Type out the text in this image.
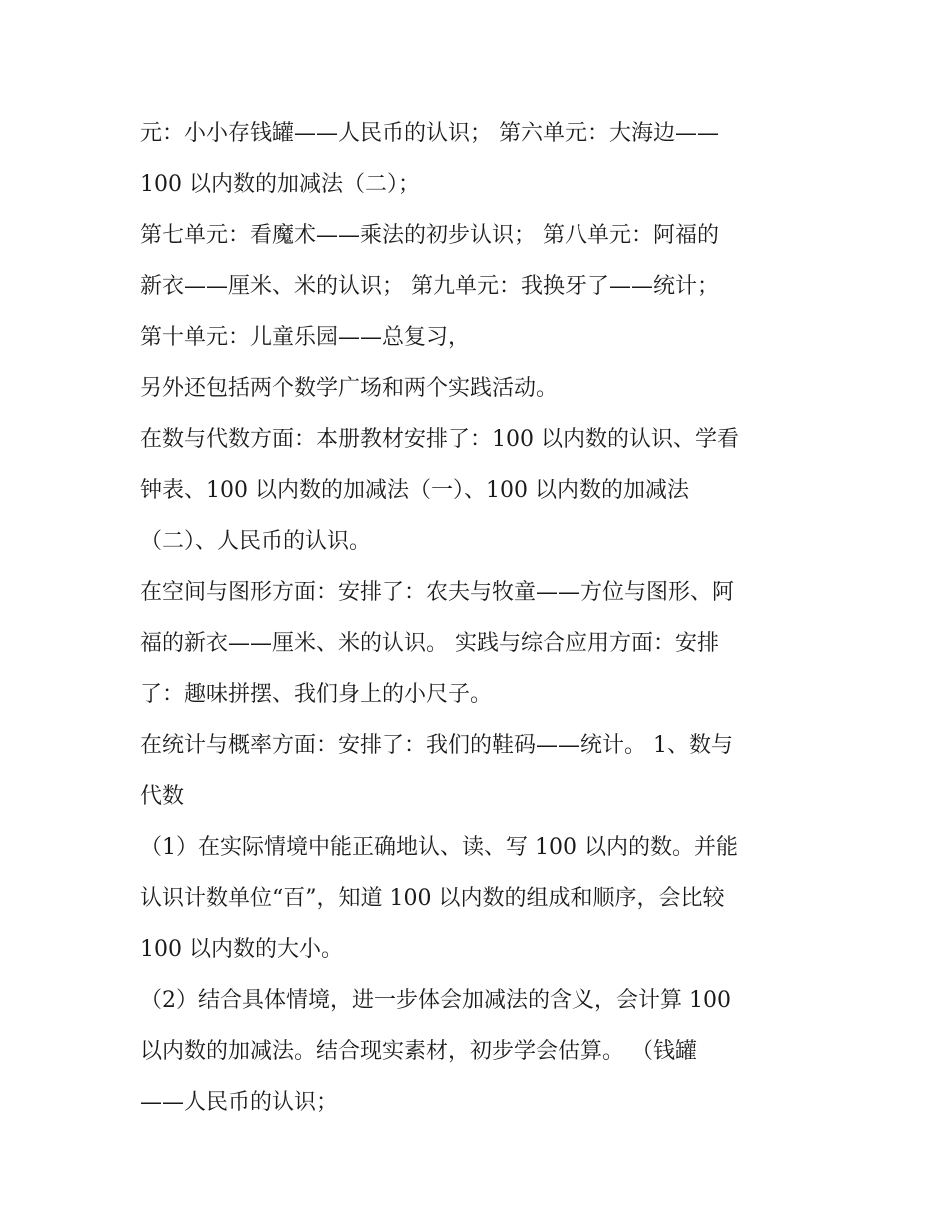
元：小小存钱罐——人民币的认识； 第六单元：大海边——
100 以内数的加减法（二）；
第七单元：看魔术——乘法的初步认识； 第八单元：阿福的
新衣——厘米、米的认识； 第九单元：我换牙了——统计；
第十单元：儿童乐园——总复习，
另外还包括两个数学广场和两个实践活动。
在数与代数方面：本册教材安排了：100 以内数的认识、学看
钟表、100 以内数的加减法（一）、100 以内数的加减法
（二）、人民币的认识。
在空间与图形方面：安排了：农夫与牧童——方位与图形、阿
福的新衣——厘米、米的认识。 实践与综合应用方面：安排
了：趣味拼摆、我们身上的小尺子。
在统计与概率方面：安排了：我们的鞋码——统计。 1、数与
代数
（1）在实际情境中能正确地认、读、写 100 以内的数。并能
认识计数单位“百”，知道 100 以内数的组成和顺序，会比较
100 以内数的大小。
（2）结合具体情境，进一步体会加减法的含义，会计算 100
以内数的加减法。结合现实素材，初步学会估算。 （钱罐
——人民币的认识；
